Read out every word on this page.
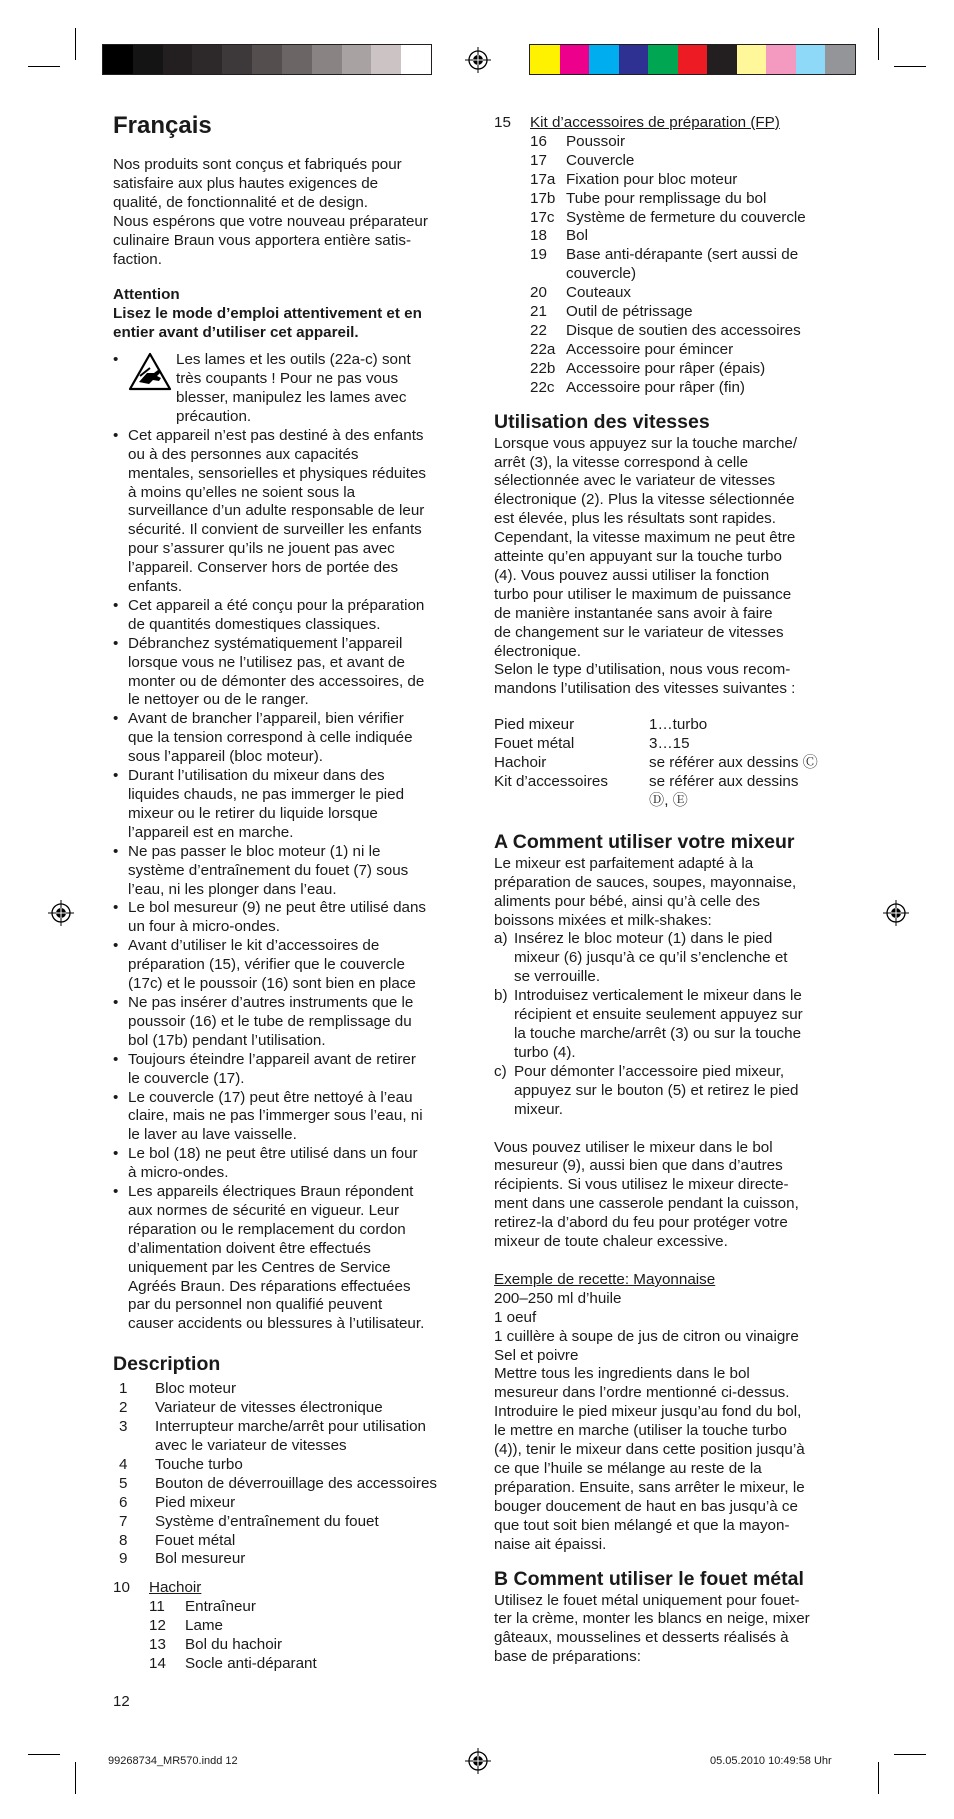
Français
Nos produits sont conçus et fabriqués pour
satisfaire aux plus hautes exigences de
qualité, de fonctionnalité et de design.
Nous espérons que votre nouveau préparateur
culinaire Braun vous apportera entière satis-
faction.

Attention

Lisez le mode d’emploi attentivement et en
entier avant d’utiliser cet appareil.
• Les lames et les outils (22a-c) sont
très coupants ! Pour ne pas vous
blesser, manipulez les lames avec
précaution.
• Cet appareil n’est pas destiné à des enfants
ou à des personnes aux capacités
mentales, sensorielles et physiques réduites
à moins qu’elles ne soient sous la
surveillance d’un adulte responsable de leur
sécurité. Il convient de surveiller les enfants
pour s’assurer qu’ils ne jouent pas avec
l’appareil. Conserver hors de portée des
enfants.
• Cet appareil a été conçu pour la préparation
de quantités domestiques classiques.
• Débranchez systématiquement l’appareil
lorsque vous ne l’utilisez pas, et avant de
monter ou de démonter des accessoires, de
le nettoyer ou de le ranger.
• Avant de brancher l’appareil, bien vérifier
que la tension correspond à celle indiquée
sous l’appareil (bloc moteur).
• Durant l’utilisation du mixeur dans des
liquides chauds, ne pas immerger le pied
mixeur ou le retirer du liquide lorsque
l’appareil est en marche.
• Ne pas passer le bloc moteur (1) ni le
système d’entraînement du fouet (7) sous
l’eau, ni les plonger dans l’eau.
• Le bol mesureur (9) ne peut être utilisé dans
un four à micro-ondes.
• Avant d’utiliser le kit d’accessoires de
préparation (15), vérifier que le couvercle
(17c) et le poussoir (16) sont bien en place
• Ne pas insérer d’autres instruments que le
poussoir (16) et le tube de remplissage du
bol (17b) pendant l’utilisation.
• Toujours éteindre l’appareil avant de retirer
le couvercle (17).
• Le couvercle (17) peut être nettoyé à l’eau
claire, mais ne pas l’immerger sous l’eau, ni
le laver au lave vaisselle.
• Le bol (18) ne peut être utilisé dans un four
à micro-ondes.
• Les appareils électriques Braun répondent
aux normes de sécurité en vigueur. Leur
réparation ou le remplacement du cordon
d’alimentation doivent être effectués
uniquement par les Centres de Service
Agréés Braun. Des réparations effectuées
par du personnel non qualifié peuvent
causer accidents ou blessures à l’utilisateur.
Description
1	Bloc moteur
2	Variateur de vitesses électronique
3	Interrupteur marche/arrêt pour utilisation
avec le variateur de vitesses
4	Touche turbo
5	Bouton de déverrouillage des accessoires
6	Pied mixeur
7	Système d’entraînement du fouet
8	Fouet métal
9	Bol mesureur
10	Hachoir
11	Entraîneur
12	Lame
13	Bol du hachoir
14	Socle anti-déparant
12
15	Kit d’accessoires de préparation (FP)
16	Poussoir
17	Couvercle
17a Fixation pour bloc moteur
17b Tube pour remplissage du bol
17c Système de fermeture du couvercle
18	Bol
19	Base anti-dérapante (sert aussi de
couvercle)
20	Couteaux
21	Outil de pétrissage
22	Disque de soutien des accessoires
22a Accessoire pour émincer
22b Accessoire pour râper (épais)
22c Accessoire pour râper (fin)
Utilisation des vitesses
Lorsque vous appuyez sur la touche marche/
arrêt (3), la vitesse correspond à celle
sélectionnée avec le variateur de vitesses
électronique (2). Plus la vitesse sélectionnée
est élevée, plus les résultats sont rapides.
Cependant, la vitesse maximum ne peut être
atteinte qu’en appuyant sur la touche turbo
(4). Vous pouvez aussi utiliser la fonction
turbo pour utiliser le maximum de puissance
de manière instantanée sans avoir à faire
de changement sur le variateur de vitesses
électronique.
Selon le type d’utilisation, nous vous recom-
mandons l’utilisation des vitesses suivantes :
Pied mixeur	1…turbo
Fouet métal	3…15
Hachoir	se référer aux dessins Ⓒ
Kit d’accessoires	se référer aux dessins
Ⓓ, Ⓔ
A Comment utiliser votre mixeur
Le mixeur est parfaitement adapté à la
préparation de sauces, soupes, mayonnaise,
aliments pour bébé, ainsi qu’à celle des
boissons mixées et milk-shakes:
a) Insérez le bloc moteur (1) dans le pied
mixeur (6) jusqu’à ce qu’il s’enclenche et
se verrouille.
b) Introduisez verticalement le mixeur dans le
récipient et ensuite seulement appuyez sur
la touche marche/arrêt (3) ou sur la touche
turbo (4).
c) Pour démonter l’accessoire pied mixeur,
appuyez sur le bouton (5) et retirez le pied
mixeur.
Vous pouvez utiliser le mixeur dans le bol
mesureur (9), aussi bien que dans d’autres
récipients. Si vous utilisez le mixeur directe-
ment dans une casserole pendant la cuisson,
retirez-la d’abord du feu pour protéger votre
mixeur de toute chaleur excessive.

Exemple de recette: Mayonnaise

200–250 ml d’huile
1 oeuf
1 cuillère à soupe de jus de citron ou vinaigre
Sel et poivre
Mettre tous les ingredients dans le bol
mesureur dans l’ordre mentionné ci-dessus.
Introduire le pied mixeur jusqu’au fond du bol,
le mettre en marche (utiliser la touche turbo
(4)), tenir le mixeur dans cette position jusqu’à
ce que l’huile se mélange au reste de la
préparation. Ensuite, sans arrêter le mixeur, le
bouger doucement de haut en bas jusqu’à ce
que tout soit bien mélangé et que la mayon-
naise ait épaissi.
B Comment utiliser le fouet métal
Utilisez le fouet métal uniquement pour fouet-
ter la crème, monter les blancs en neige, mixer
gâteaux, mousselines et desserts réalisés à
base de préparations:
99268734_MR570.indd 12	05.05.2010 10:49:58 Uhr
